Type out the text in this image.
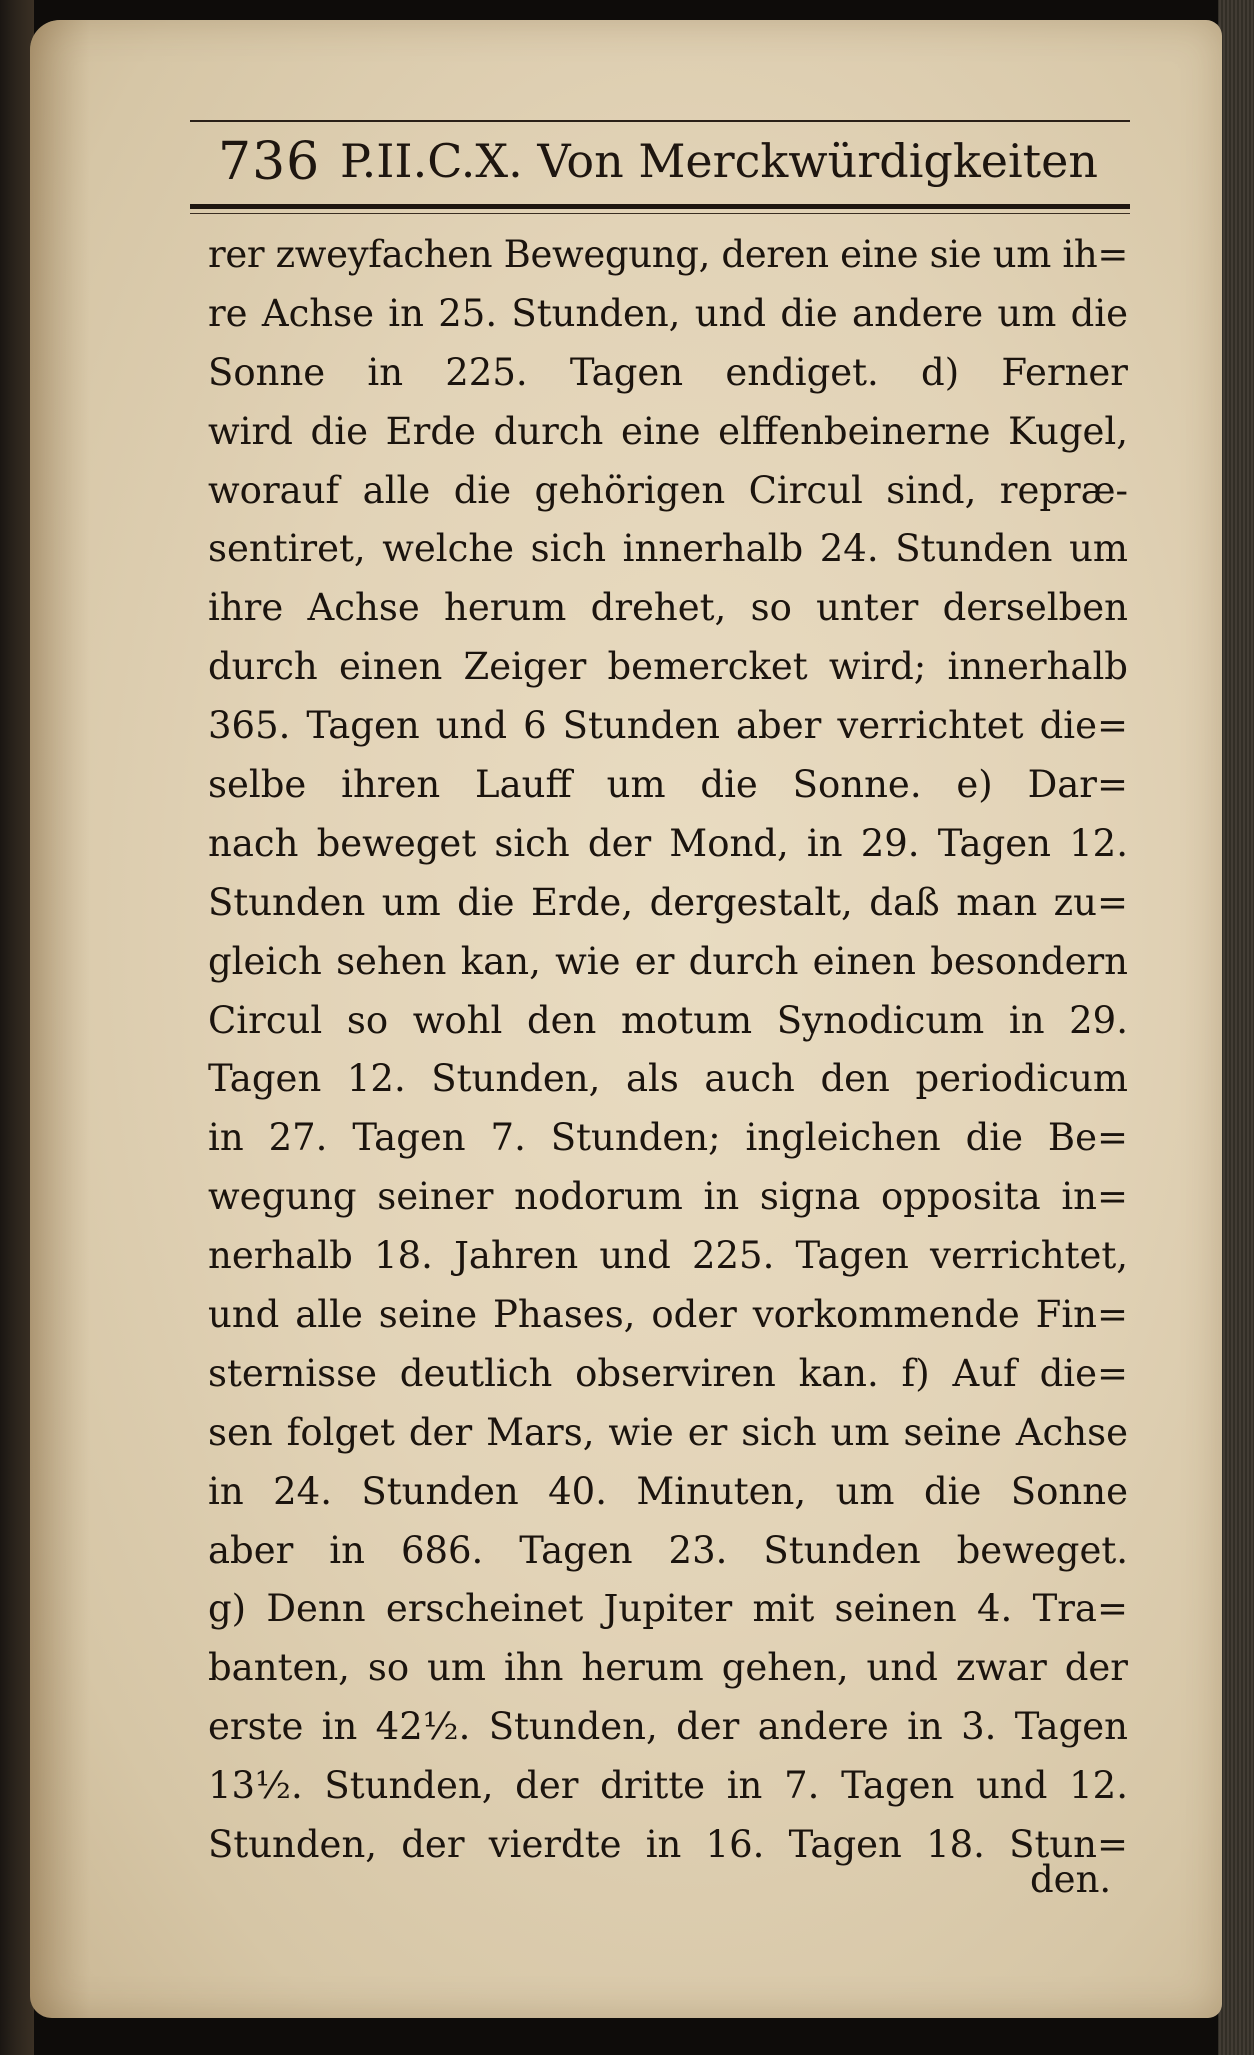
736 P.II.C.X. Von Merckwürdigkeiten
rer zweyfachen Bewegung, deren eine sie um ih=
re Achse in 25. Stunden, und die andere um die
Sonne in 225. Tagen endiget. d) Ferner
wird die Erde durch eine elffenbeinerne Kugel,
worauf alle die gehörigen Circul sind, repræ-
sentiret, welche sich innerhalb 24. Stunden um
ihre Achse herum drehet, so unter derselben
durch einen Zeiger bemercket wird; innerhalb
365. Tagen und 6 Stunden aber verrichtet die=
selbe ihren Lauff um die Sonne. e) Dar=
nach beweget sich der Mond, in 29. Tagen 12.
Stunden um die Erde, dergestalt, daß man zu=
gleich sehen kan, wie er durch einen besondern
Circul so wohl den motum Synodicum in 29.
Tagen 12. Stunden, als auch den periodicum
in 27. Tagen 7. Stunden; ingleichen die Be=
wegung seiner nodorum in signa opposita in=
nerhalb 18. Jahren und 225. Tagen verrichtet,
und alle seine Phases, oder vorkommende Fin=
sternisse deutlich observiren kan. f) Auf die=
sen folget der Mars, wie er sich um seine Achse
in 24. Stunden 40. Minuten, um die Sonne
aber in 686. Tagen 23. Stunden beweget.
g) Denn erscheinet Jupiter mit seinen 4. Tra=
banten, so um ihn herum gehen, und zwar der
erste in 42½. Stunden, der andere in 3. Tagen
13½. Stunden, der dritte in 7. Tagen und 12.
Stunden, der vierdte in 16. Tagen 18. Stun=
den.
